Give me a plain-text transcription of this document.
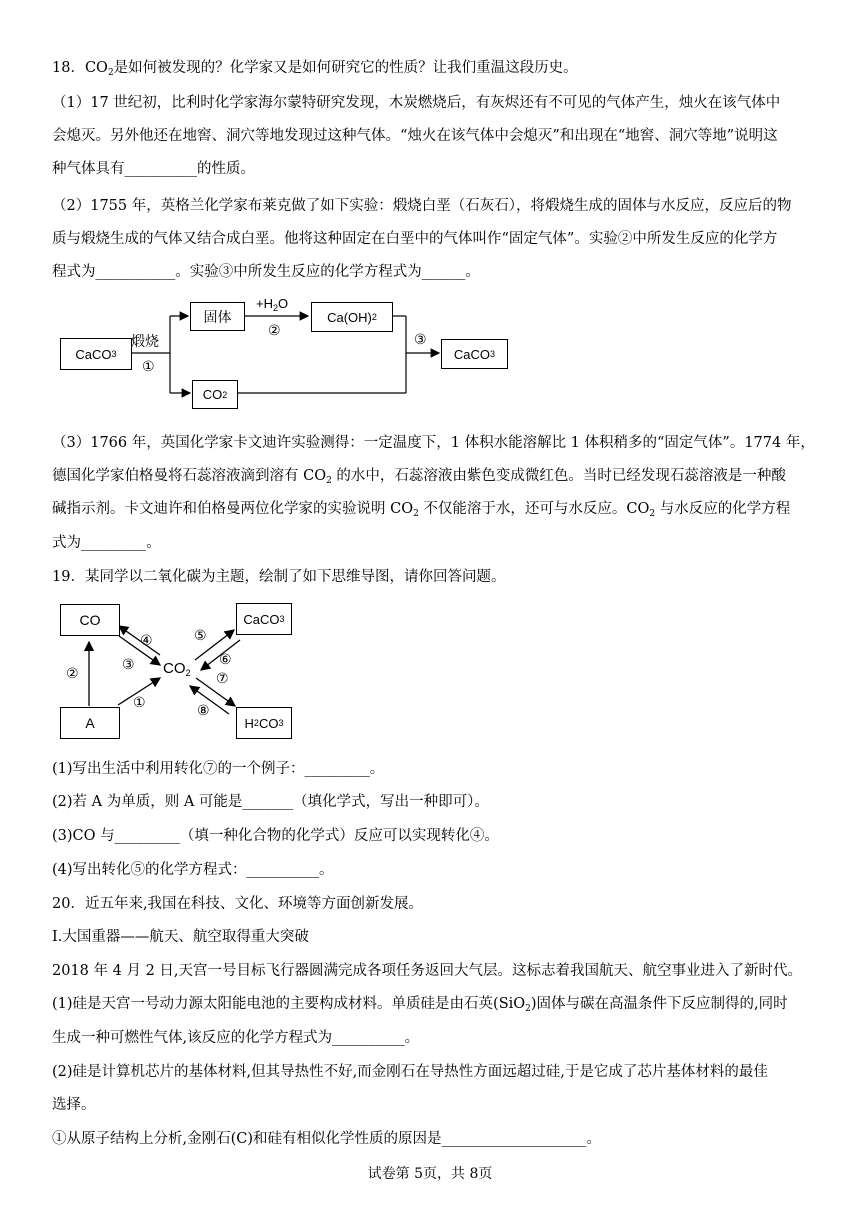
18．$CO_2$是如何被发现的？化学家又是如何研究它的性质？让我们重温这段历史。
（1）17 世纪初，比利时化学家海尔蒙特研究发现，木炭燃烧后，有灰烬还有不可见的气体产生，烛火在该气体中
会熄灭。另外他还在地窖、洞穴等地发现过这种气体。“烛火在该气体中会熄灭”和出现在“地窖、洞穴等地”说明这
种气体具有__________的性质。
（2）1755 年，英格兰化学家布莱克做了如下实验：煅烧白垩（石灰石），将煅烧生成的固体与水反应，反应后的物
质与煅烧生成的气体又结合成白垩。他将这种固定在白垩中的气体叫作“固定气体”。实验②中所发生反应的化学方
程式为___________。实验③中所发生反应的化学方程式为______。
CaCO 3
煅烧
①
固体
$+H_2O$
②
Ca(OH) 2
CO 2
③
CaCO 3
（3）1766 年，英国化学家卡文迪许实验测得：一定温度下，1 体积水能溶解比 1 体积稍多的“固定气体”。1774 年，
德国化学家伯格曼将石蕊溶液滴到溶有 $CO_2$ 的水中，石蕊溶液由紫色变成微红色。当时已经发现石蕊溶液是一种酸
碱指示剂。卡文迪许和伯格曼两位化学家的实验说明 $CO_2$ 不仅能溶于水，还可与水反应。$CO_2$ 与水反应的化学方程
式为_________。
19．某同学以二氧化碳为主题，绘制了如下思维导图，请你回答问题。
CO
A
$CO_2$
CaCO 3
H 2 CO 3
②
④
③
①
⑤
⑥
⑦
⑧
(1)写出生活中利用转化⑦的一个例子：_________。
(2)若 A 为单质，则 A 可能是_______（填化学式，写出一种即可）。
(3)CO 与_________（填一种化合物的化学式）反应可以实现转化④。
(4)写出转化⑤的化学方程式：__________。
20．近五年来,我国在科技、文化、环境等方面创新发展。
I.大国重器——航天、航空取得重大突破
2018 年 4 月 2 日,天宫一号目标飞行器圆满完成各项任务返回大气层。这标志着我国航天、航空事业进入了新时代。
(1)硅是天宫一号动力源太阳能电池的主要构成材料。单质硅是由石英(SiO$_2$)固体与碳在高温条件下反应制得的,同时
生成一种可燃性气体,该反应的化学方程式为__________。
(2)硅是计算机芯片的基体材料,但其导热性不好,而金刚石在导热性方面远超过硅,于是它成了芯片基体材料的最佳
选择。
①从原子结构上分析,金刚石(C)和硅有相似化学性质的原因是____________________。
试卷第 5页，共 8页
